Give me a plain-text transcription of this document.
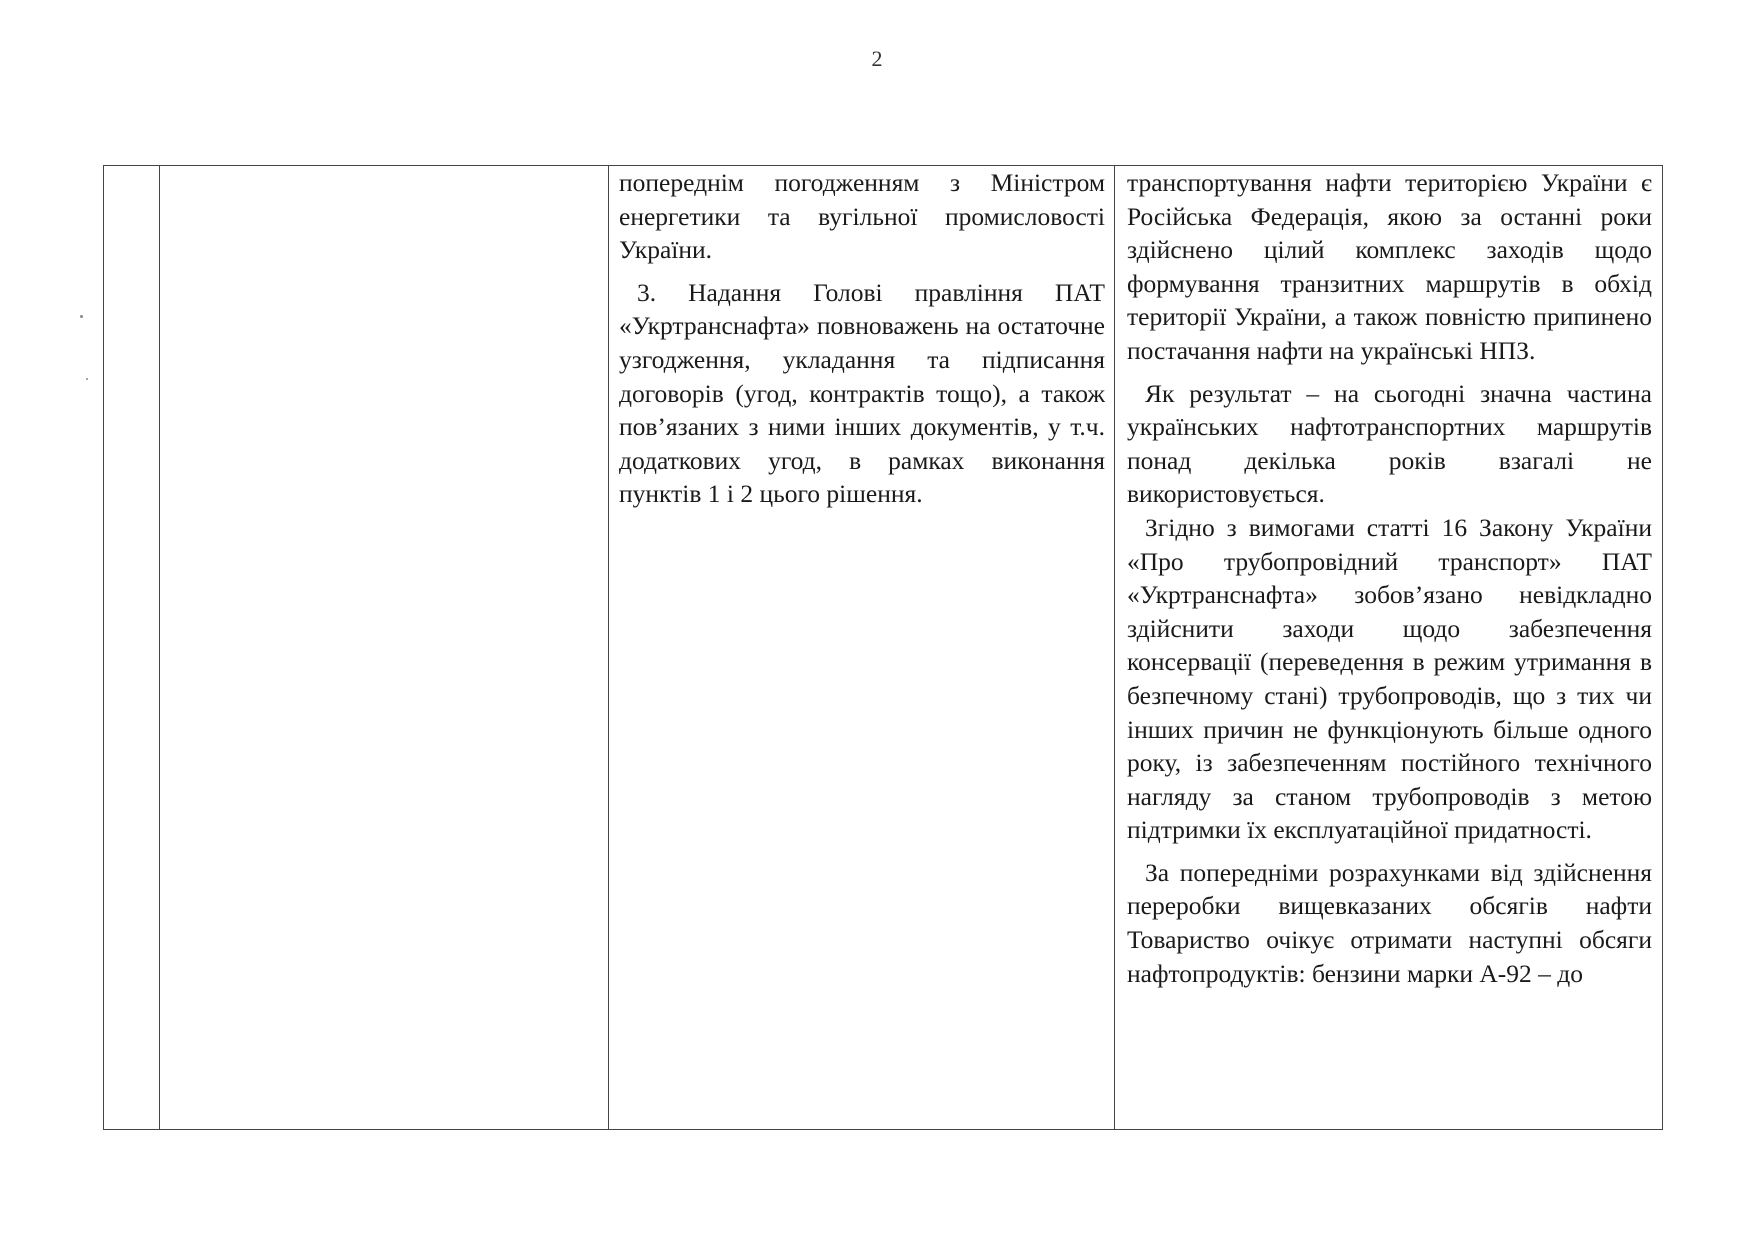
2

попереднім погодженням з Міністром енергетики та вугільної промисловості України.

3. Надання Голові правління ПАТ «Укртранснафта» повноважень на остаточне узгодження, укладання та підписання договорів (угод, контрактів тощо), а також пов’язаних з ними інших документів, у т.ч. додаткових угод, в рамках виконання пунктів 1 і 2 цього рішення.

транспортування нафти територією України є Російська Федерація, якою за останні роки здійснено цілий комплекс заходів щодо формування транзитних маршрутів в обхід території України, а також повністю припинено постачання нафти на українські НПЗ.

Як результат – на сьогодні значна частина українських нафтотранспортних маршрутів понад декілька років взагалі не використовується.

Згідно з вимогами статті 16 Закону України «Про трубопровідний транспорт» ПАТ «Укртранснафта» зобов’язано невідкладно здійснити заходи щодо забезпечення консервації (переведення в режим утримання в безпечному стані) трубопроводів, що з тих чи інших причин не функціонують більше одного року, із забезпеченням постійного технічного нагляду за станом трубопроводів з метою підтримки їх експлуатаційної придатності.

За попередніми розрахунками від здійснення переробки вищевказаних обсягів нафти Товариство очікує отримати наступні обсяги нафтопродуктів: бензини марки А-92 – до
